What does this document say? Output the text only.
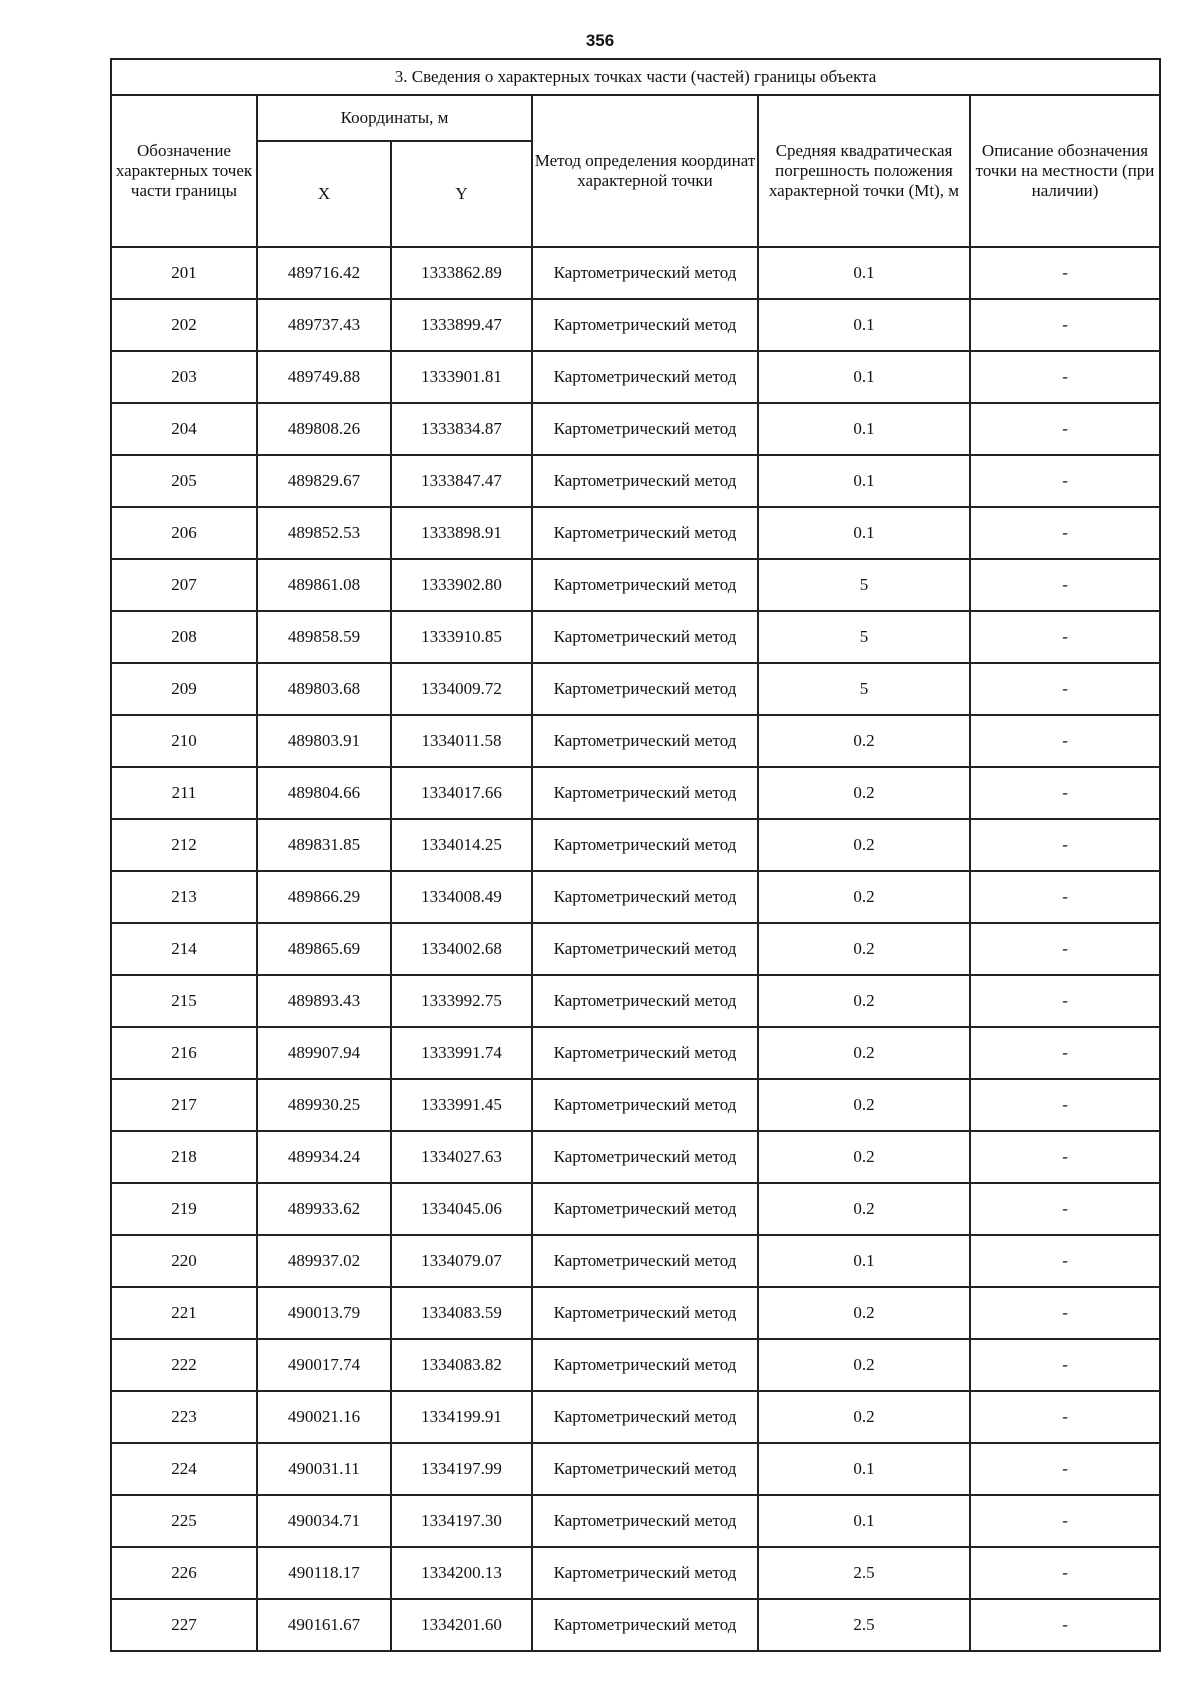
356
3. Сведения о характерных точках части (частей) границы объекта					
Обозначение характерных точек части границы	Координаты, м		Метод определения координат характерной точки	Средняя квадратическая погрешность положения характерной точки (Mt), м	Описание обозначения точки на местности (при наличии)
	X	Y			
201	489716.42	1333862.89	Картометрический метод	0.1	-
202	489737.43	1333899.47	Картометрический метод	0.1	-
203	489749.88	1333901.81	Картометрический метод	0.1	-
204	489808.26	1333834.87	Картометрический метод	0.1	-
205	489829.67	1333847.47	Картометрический метод	0.1	-
206	489852.53	1333898.91	Картометрический метод	0.1	-
207	489861.08	1333902.80	Картометрический метод	5	-
208	489858.59	1333910.85	Картометрический метод	5	-
209	489803.68	1334009.72	Картометрический метод	5	-
210	489803.91	1334011.58	Картометрический метод	0.2	-
211	489804.66	1334017.66	Картометрический метод	0.2	-
212	489831.85	1334014.25	Картометрический метод	0.2	-
213	489866.29	1334008.49	Картометрический метод	0.2	-
214	489865.69	1334002.68	Картометрический метод	0.2	-
215	489893.43	1333992.75	Картометрический метод	0.2	-
216	489907.94	1333991.74	Картометрический метод	0.2	-
217	489930.25	1333991.45	Картометрический метод	0.2	-
218	489934.24	1334027.63	Картометрический метод	0.2	-
219	489933.62	1334045.06	Картометрический метод	0.2	-
220	489937.02	1334079.07	Картометрический метод	0.1	-
221	490013.79	1334083.59	Картометрический метод	0.2	-
222	490017.74	1334083.82	Картометрический метод	0.2	-
223	490021.16	1334199.91	Картометрический метод	0.2	-
224	490031.11	1334197.99	Картометрический метод	0.1	-
225	490034.71	1334197.30	Картометрический метод	0.1	-
226	490118.17	1334200.13	Картометрический метод	2.5	-
227	490161.67	1334201.60	Картометрический метод	2.5	-
